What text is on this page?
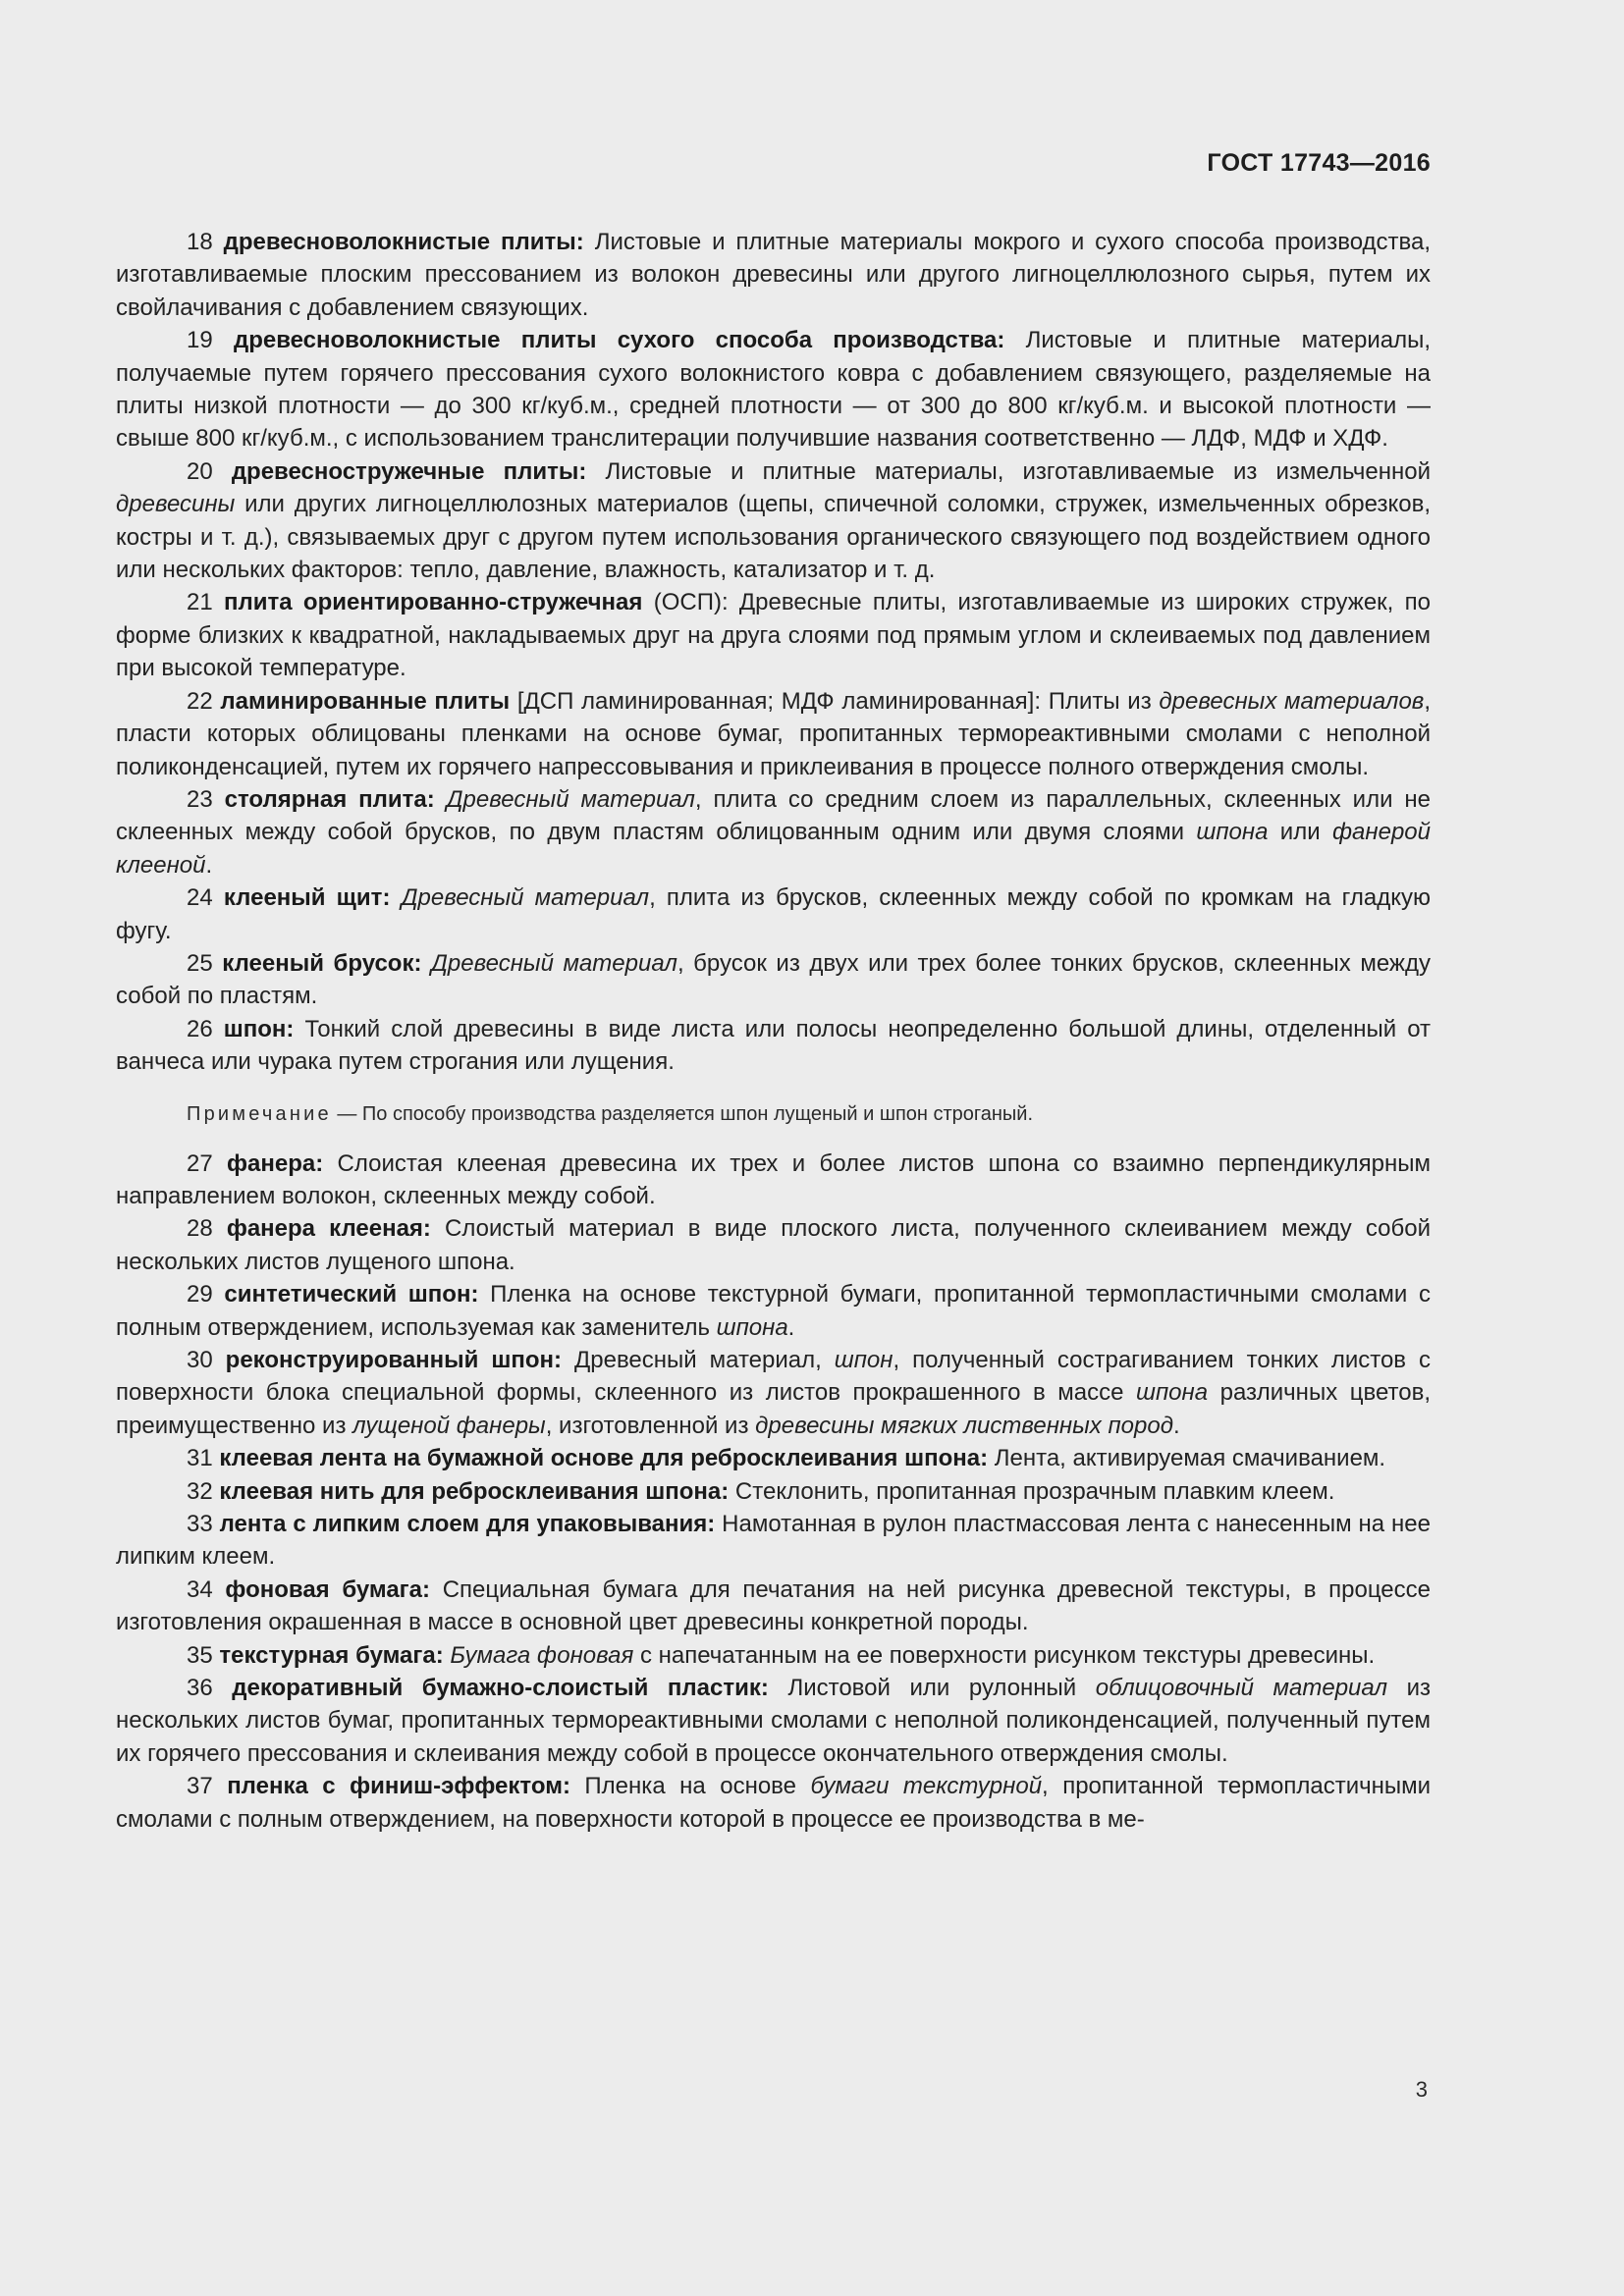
ГОСТ 17743—2016

18 древесноволокнистые плиты: Листовые и плитные материалы мокрого и сухого способа производства, изготавливаемые плоским прессованием из волокон древесины или другого лигноцеллюлозного сырья, путем их свойлачивания с добавлением связующих.

19 древесноволокнистые плиты сухого способа производства: Листовые и плитные материалы, получаемые путем горячего прессования сухого волокнистого ковра с добавлением связующего, разделяемые на плиты низкой плотности — до 300 кг/куб.м., средней плотности — от 300 до 800 кг/куб.м. и высокой плотности — свыше 800 кг/куб.м., с использованием транслитерации получившие названия соответственно — ЛДФ, МДФ и ХДФ.

20 древесностружечные плиты: Листовые и плитные материалы, изготавливаемые из измельченной древесины или других лигноцеллюлозных материалов (щепы, спичечной соломки, стружек, измельченных обрезков, костры и т. д.), связываемых друг с другом путем использования органического связующего под воздействием одного или нескольких факторов: тепло, давление, влажность, катализатор и т. д.

21 плита ориентированно-стружечная (ОСП): Древесные плиты, изготавливаемые из широких стружек, по форме близких к квадратной, накладываемых друг на друга слоями под прямым углом и склеиваемых под давлением при высокой температуре.

22 ламинированные плиты [ДСП ламинированная; МДФ ламинированная]: Плиты из древесных материалов, пласти которых облицованы пленками на основе бумаг, пропитанных термореактивными смолами с неполной поликонденсацией, путем их горячего напрессовывания и приклеивания в процессе полного отверждения смолы.

23 столярная плита: Древесный материал, плита со средним слоем из параллельных, склеенных или не склеенных между собой брусков, по двум пластям облицованным одним или двумя слоями шпона или фанерой клееной.

24 клееный щит: Древесный материал, плита из брусков, склеенных между собой по кромкам на гладкую фугу.

25 клееный брусок: Древесный материал, брусок из двух или трех более тонких брусков, склеенных между собой по пластям.

26 шпон: Тонкий слой древесины в виде листа или полосы неопределенно большой длины, отделенный от ванчеса или чурака путем строгания или лущения.

Примечание — По способу производства разделяется шпон лущеный и шпон строганый.

27 фанера: Слоистая клееная древесина их трех и более листов шпона со взаимно перпендикулярным направлением волокон, склеенных между собой.

28 фанера клееная: Слоистый материал в виде плоского листа, полученного склеиванием между собой нескольких листов лущеного шпона.

29 синтетический шпон: Пленка на основе текстурной бумаги, пропитанной термопластичными смолами с полным отверждением, используемая как заменитель шпона.

30 реконструированный шпон: Древесный материал, шпон, полученный сострагиванием тонких листов с поверхности блока специальной формы, склеенного из листов прокрашенного в массе шпона различных цветов, преимущественно из лущеной фанеры, изготовленной из древесины мягких лиственных пород.

31 клеевая лента на бумажной основе для ребросклеивания шпона: Лента, активируемая смачиванием.

32 клеевая нить для ребросклеивания шпона: Стеклонить, пропитанная прозрачным плавким клеем.

33 лента с липким слоем для упаковывания: Намотанная в рулон пластмассовая лента с нанесенным на нее липким клеем.

34 фоновая бумага: Специальная бумага для печатания на ней рисунка древесной текстуры, в процессе изготовления окрашенная в массе в основной цвет древесины конкретной породы.

35 текстурная бумага: Бумага фоновая с напечатанным на ее поверхности рисунком текстуры древесины.

36 декоративный бумажно-слоистый пластик: Листовой или рулонный облицовочный материал из нескольких листов бумаг, пропитанных термореактивными смолами с неполной поликонденсацией, полученный путем их горячего прессования и склеивания между собой в процессе окончательного отверждения смолы.

37 пленка с финиш-эффектом: Пленка на основе бумаги текстурной, пропитанной термопластичными смолами с полным отверждением, на поверхности которой в процессе ее производства в ме-

3
